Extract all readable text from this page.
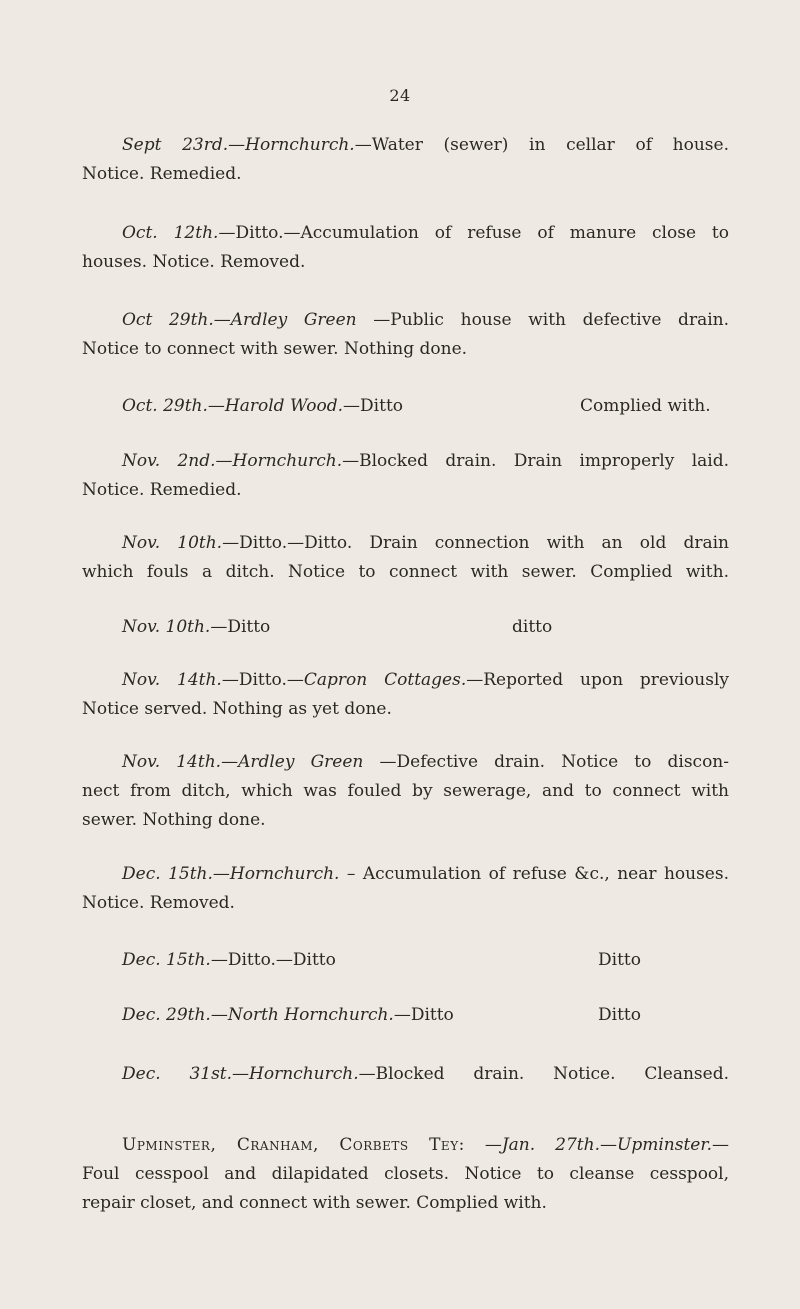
24
Sept 23rd.—Hornchurch.—Water (sewer) in cellar of house.
Notice. Remedied.
Oct. 12th.—Ditto.—Accumulation of refuse of manure close to
houses. Notice. Removed.
Oct 29th.—Ardley Green —Public house with defective drain.
Notice to connect with sewer. Nothing done.
Oct. 29th.—Harold Wood.—Ditto	Complied with.
Nov. 2nd.—Hornchurch.—Blocked drain. Drain improperly laid.
Notice. Remedied.
Nov. 10th.—Ditto.—Ditto. Drain connection with an old drain
which fouls a ditch. Notice to connect with sewer. Complied with.
Nov. 10th.—Ditto	ditto
Nov. 14th.—Ditto.—Capron Cottages.—Reported upon previously
Notice served. Nothing as yet done.
Nov. 14th.—Ardley Green —Defective drain. Notice to discon-
nect from ditch, which was fouled by sewerage, and to connect with
sewer. Nothing done.
Dec. 15th.—Hornchurch. – Accumulation of refuse &c., near houses.
Notice. Removed.
Dec. 15th.—Ditto.—Ditto	Ditto
Dec. 29th.—North Hornchurch.—Ditto	Ditto
Dec. 31st.—Hornchurch.—Blocked drain. Notice. Cleansed.
Upminster, Cranham, Corbets Tey: —Jan. 27th.—Upminster.—
Foul cesspool and dilapidated closets. Notice to cleanse cesspool,
repair closet, and connect with sewer. Complied with.
